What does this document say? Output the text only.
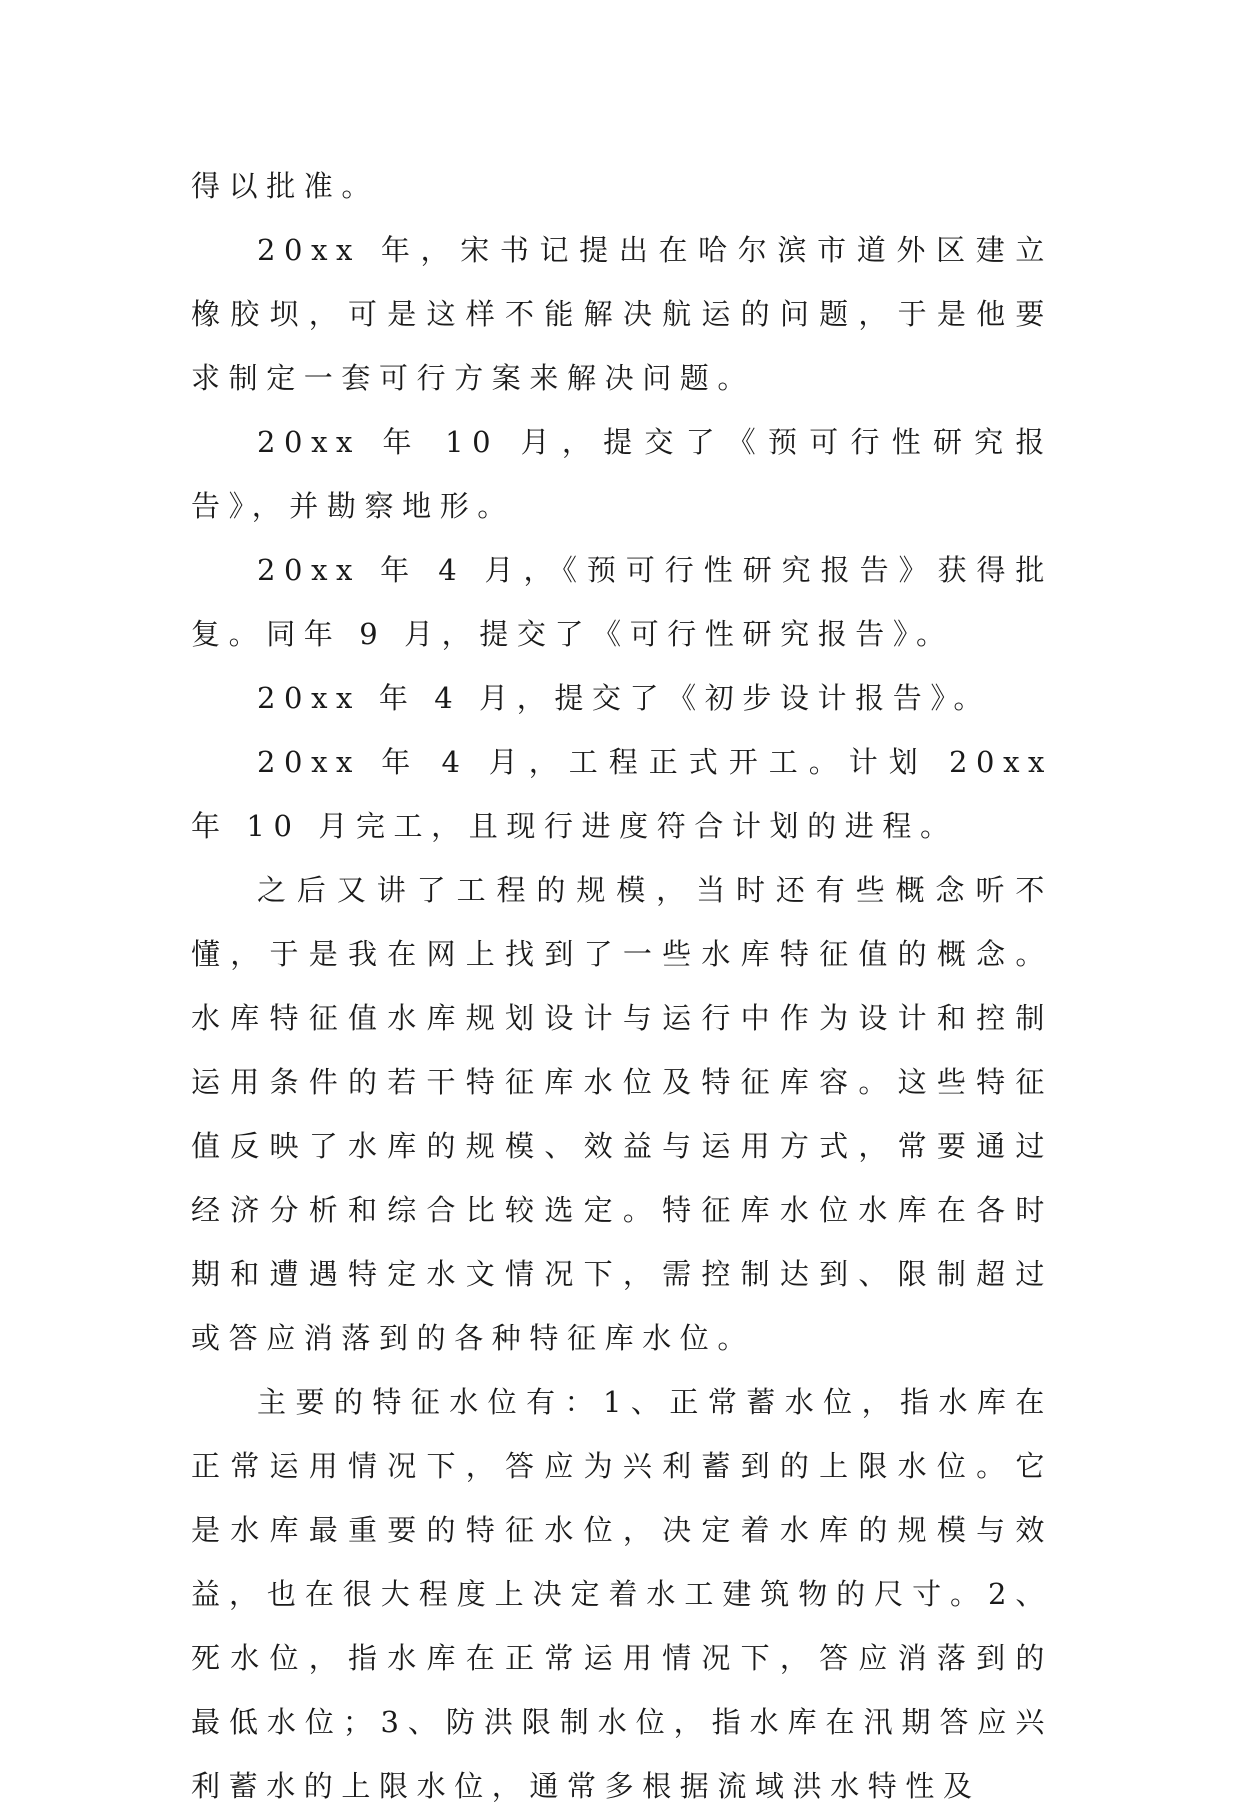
得以批准。

20xx 年，宋书记提出在哈尔滨市道外区建立橡胶坝，可是这样不能解决航运的问题，于是他要求制定一套可行方案来解决问题。

20xx 年 10 月，提交了《预可行性研究报告》，并勘察地形。

20xx 年 4 月，《预可行性研究报告》获得批复。同年 9 月，提交了《可行性研究报告》。

20xx 年 4 月，提交了《初步设计报告》。

20xx 年 4 月，工程正式开工。计划 20xx 年 10 月完工，且现行进度符合计划的进程。

之后又讲了工程的规模，当时还有些概念听不懂，于是我在网上找到了一些水库特征值的概念。水库特征值水库规划设计与运行中作为设计和控制运用条件的若干特征库水位及特征库容。这些特征值反映了水库的规模、效益与运用方式，常要通过经济分析和综合比较选定。特征库水位水库在各时期和遭遇特定水文情况下，需控制达到、限制超过或答应消落到的各种特征库水位。

主要的特征水位有：1、正常蓄水位，指水库在正常运用情况下，答应为兴利蓄到的上限水位。它是水库最重要的特征水位，决定着水库的规模与效益，也在很大程度上决定着水工建筑物的尺寸。2、死水位，指水库在正常运用情况下，答应消落到的最低水位；3、防洪限制水位，指水库在汛期答应兴利蓄水的上限水位，通常多根据流域洪水特性及
